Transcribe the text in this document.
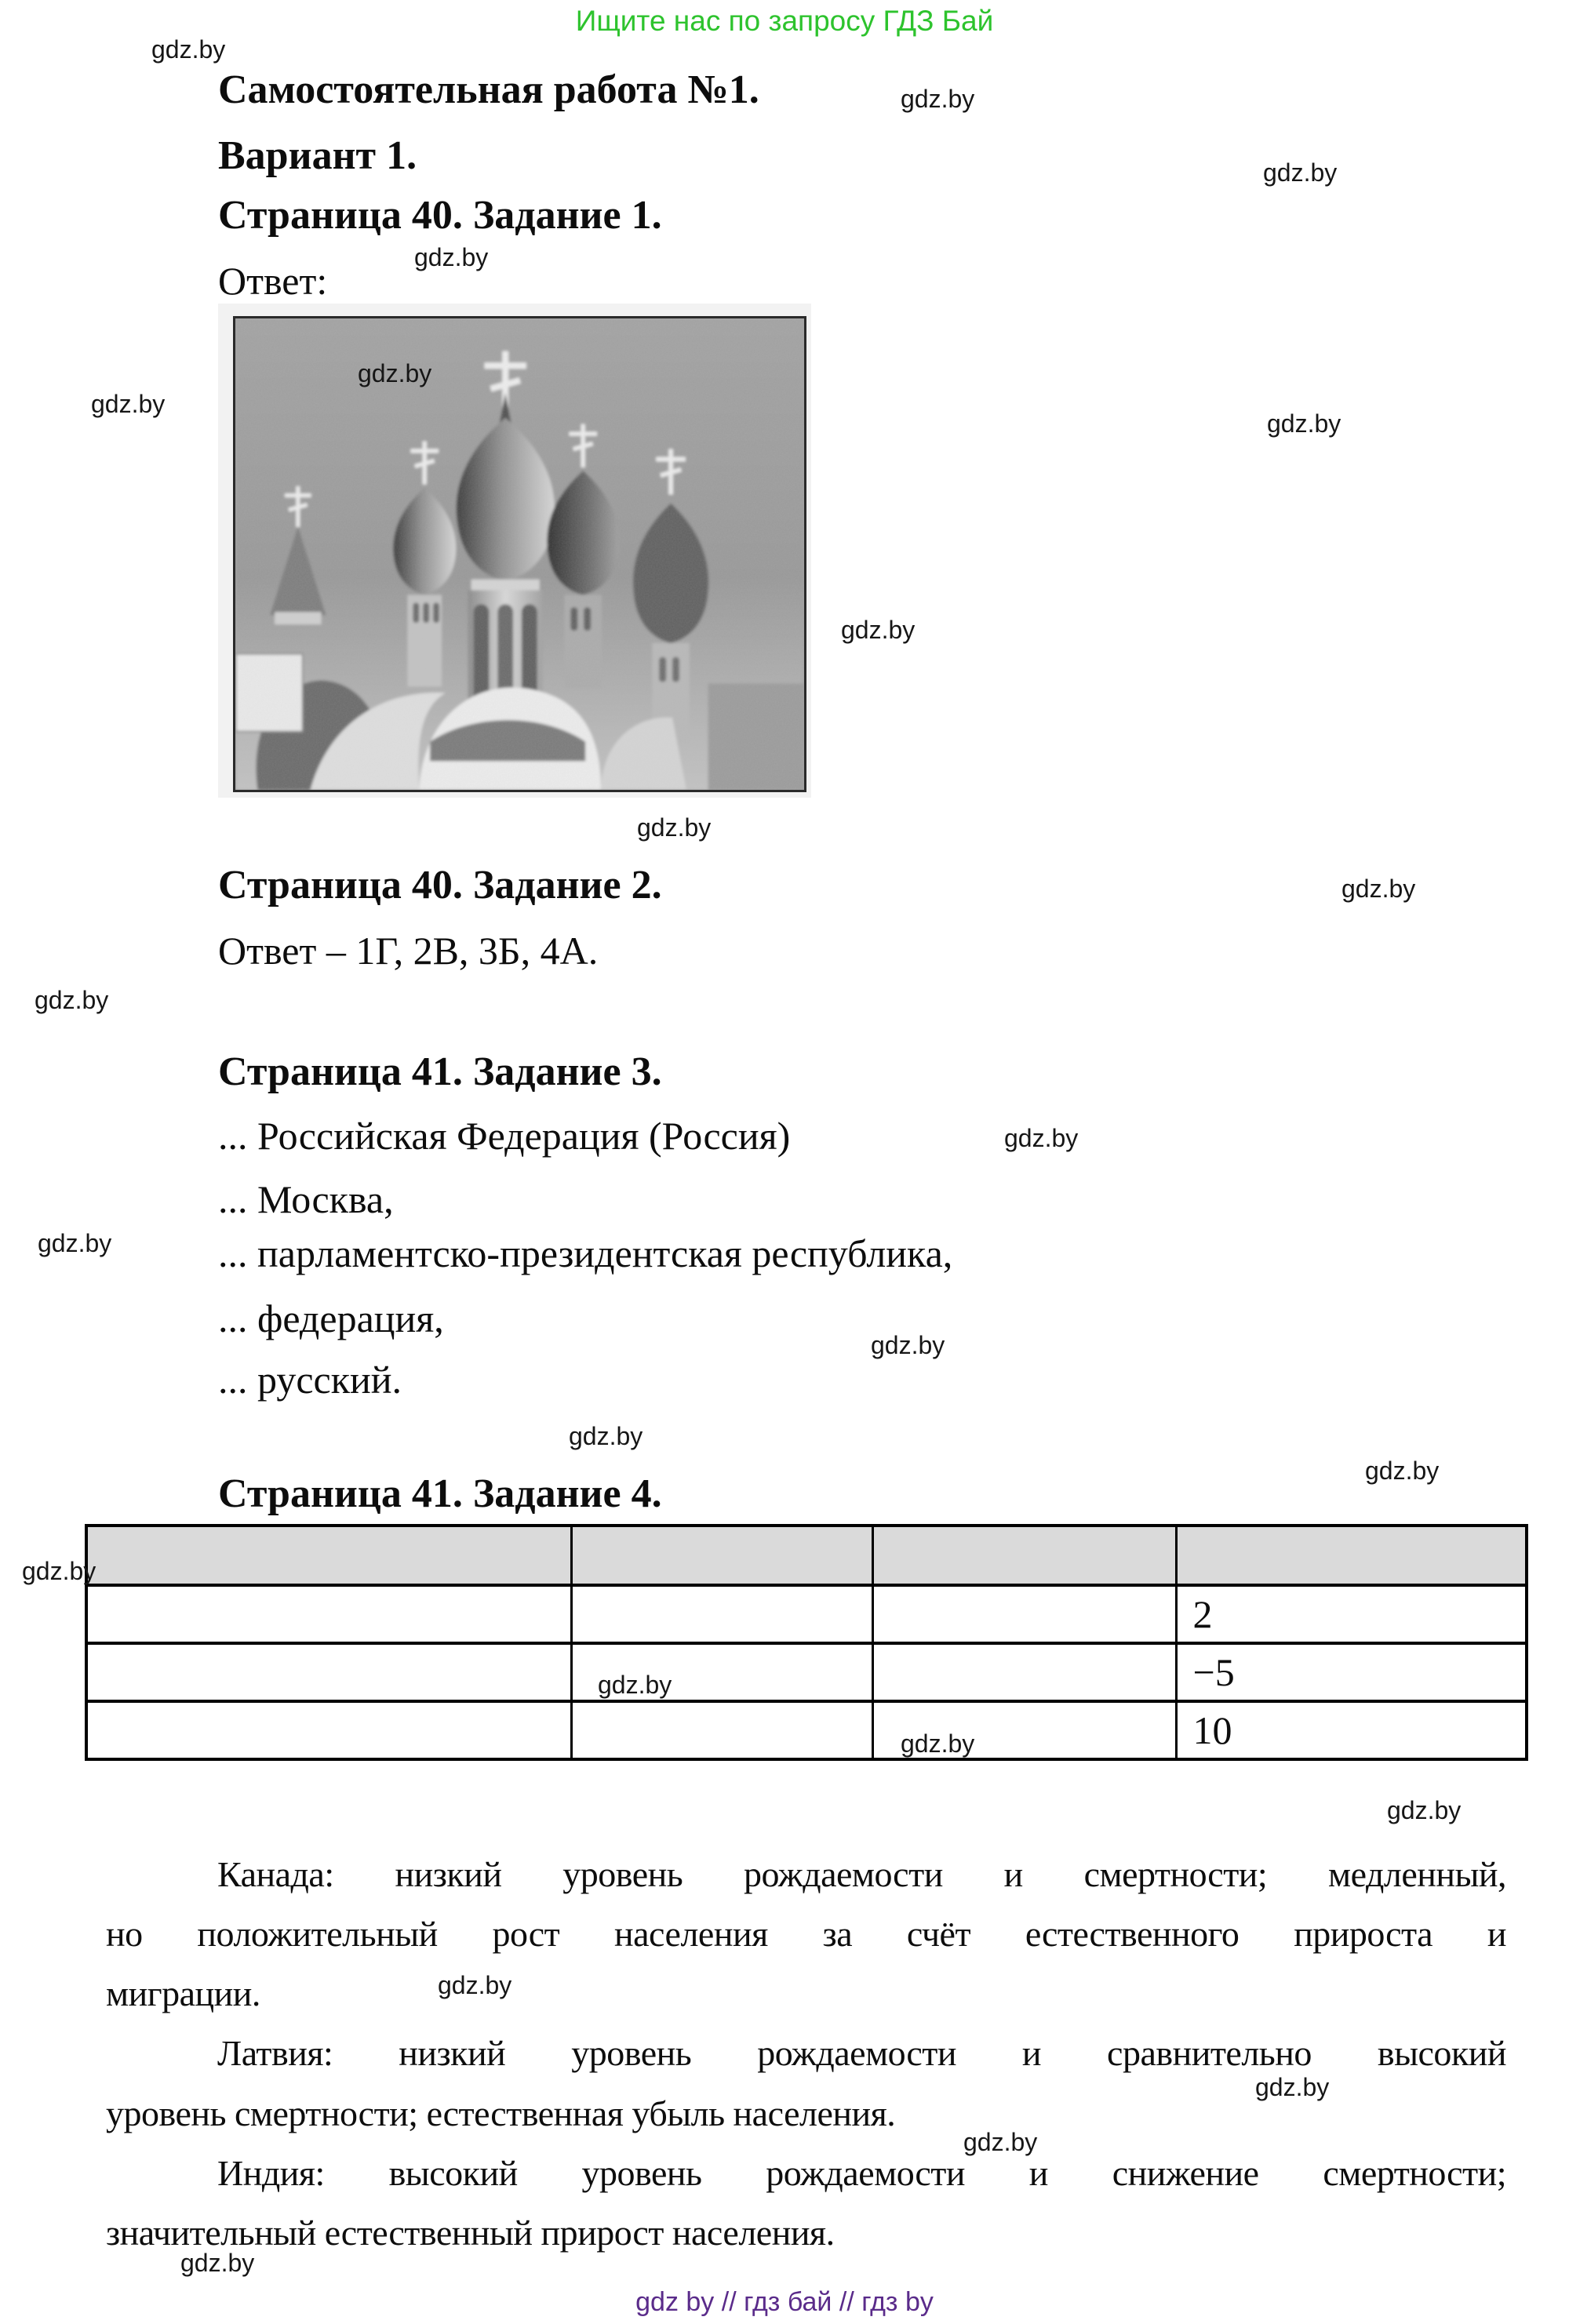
Ищите нас по запросу ГДЗ Бай
gdz by // гдз бай // гдз by
Самостоятельная работа №1.
Вариант 1.
Страница 40. Задание 1.
Ответ:
Страница 40. Задание 2.
Ответ – 1Г, 2В, 3Б, 4А.
Страница 41. Задание 3.
... Российская Федерация (Россия)
... Москва,
... парламентско-президентская республика,
... федерация,
... русский.
Страница 41. Задание 4.

			2
			−5
			10
Канада: низкий уровень рождаемости и смертности; медленный,
но положительный рост населения за счёт естественного прироста и
миграции.
Латвия: низкий уровень рождаемости и сравнительно высокий
уровень смертности; естественная убыль населения.
Индия: высокий уровень рождаемости и снижение смертности;
значительный естественный прирост населения.
gdz.by
gdz.by
gdz.by
gdz.by
gdz.by
gdz.by
gdz.by
gdz.by
gdz.by
gdz.by
gdz.by
gdz.by
gdz.by
gdz.by
gdz.by
gdz.by
gdz.by
gdz.by
gdz.by
gdz.by
gdz.by
gdz.by
gdz.by
gdz.by
